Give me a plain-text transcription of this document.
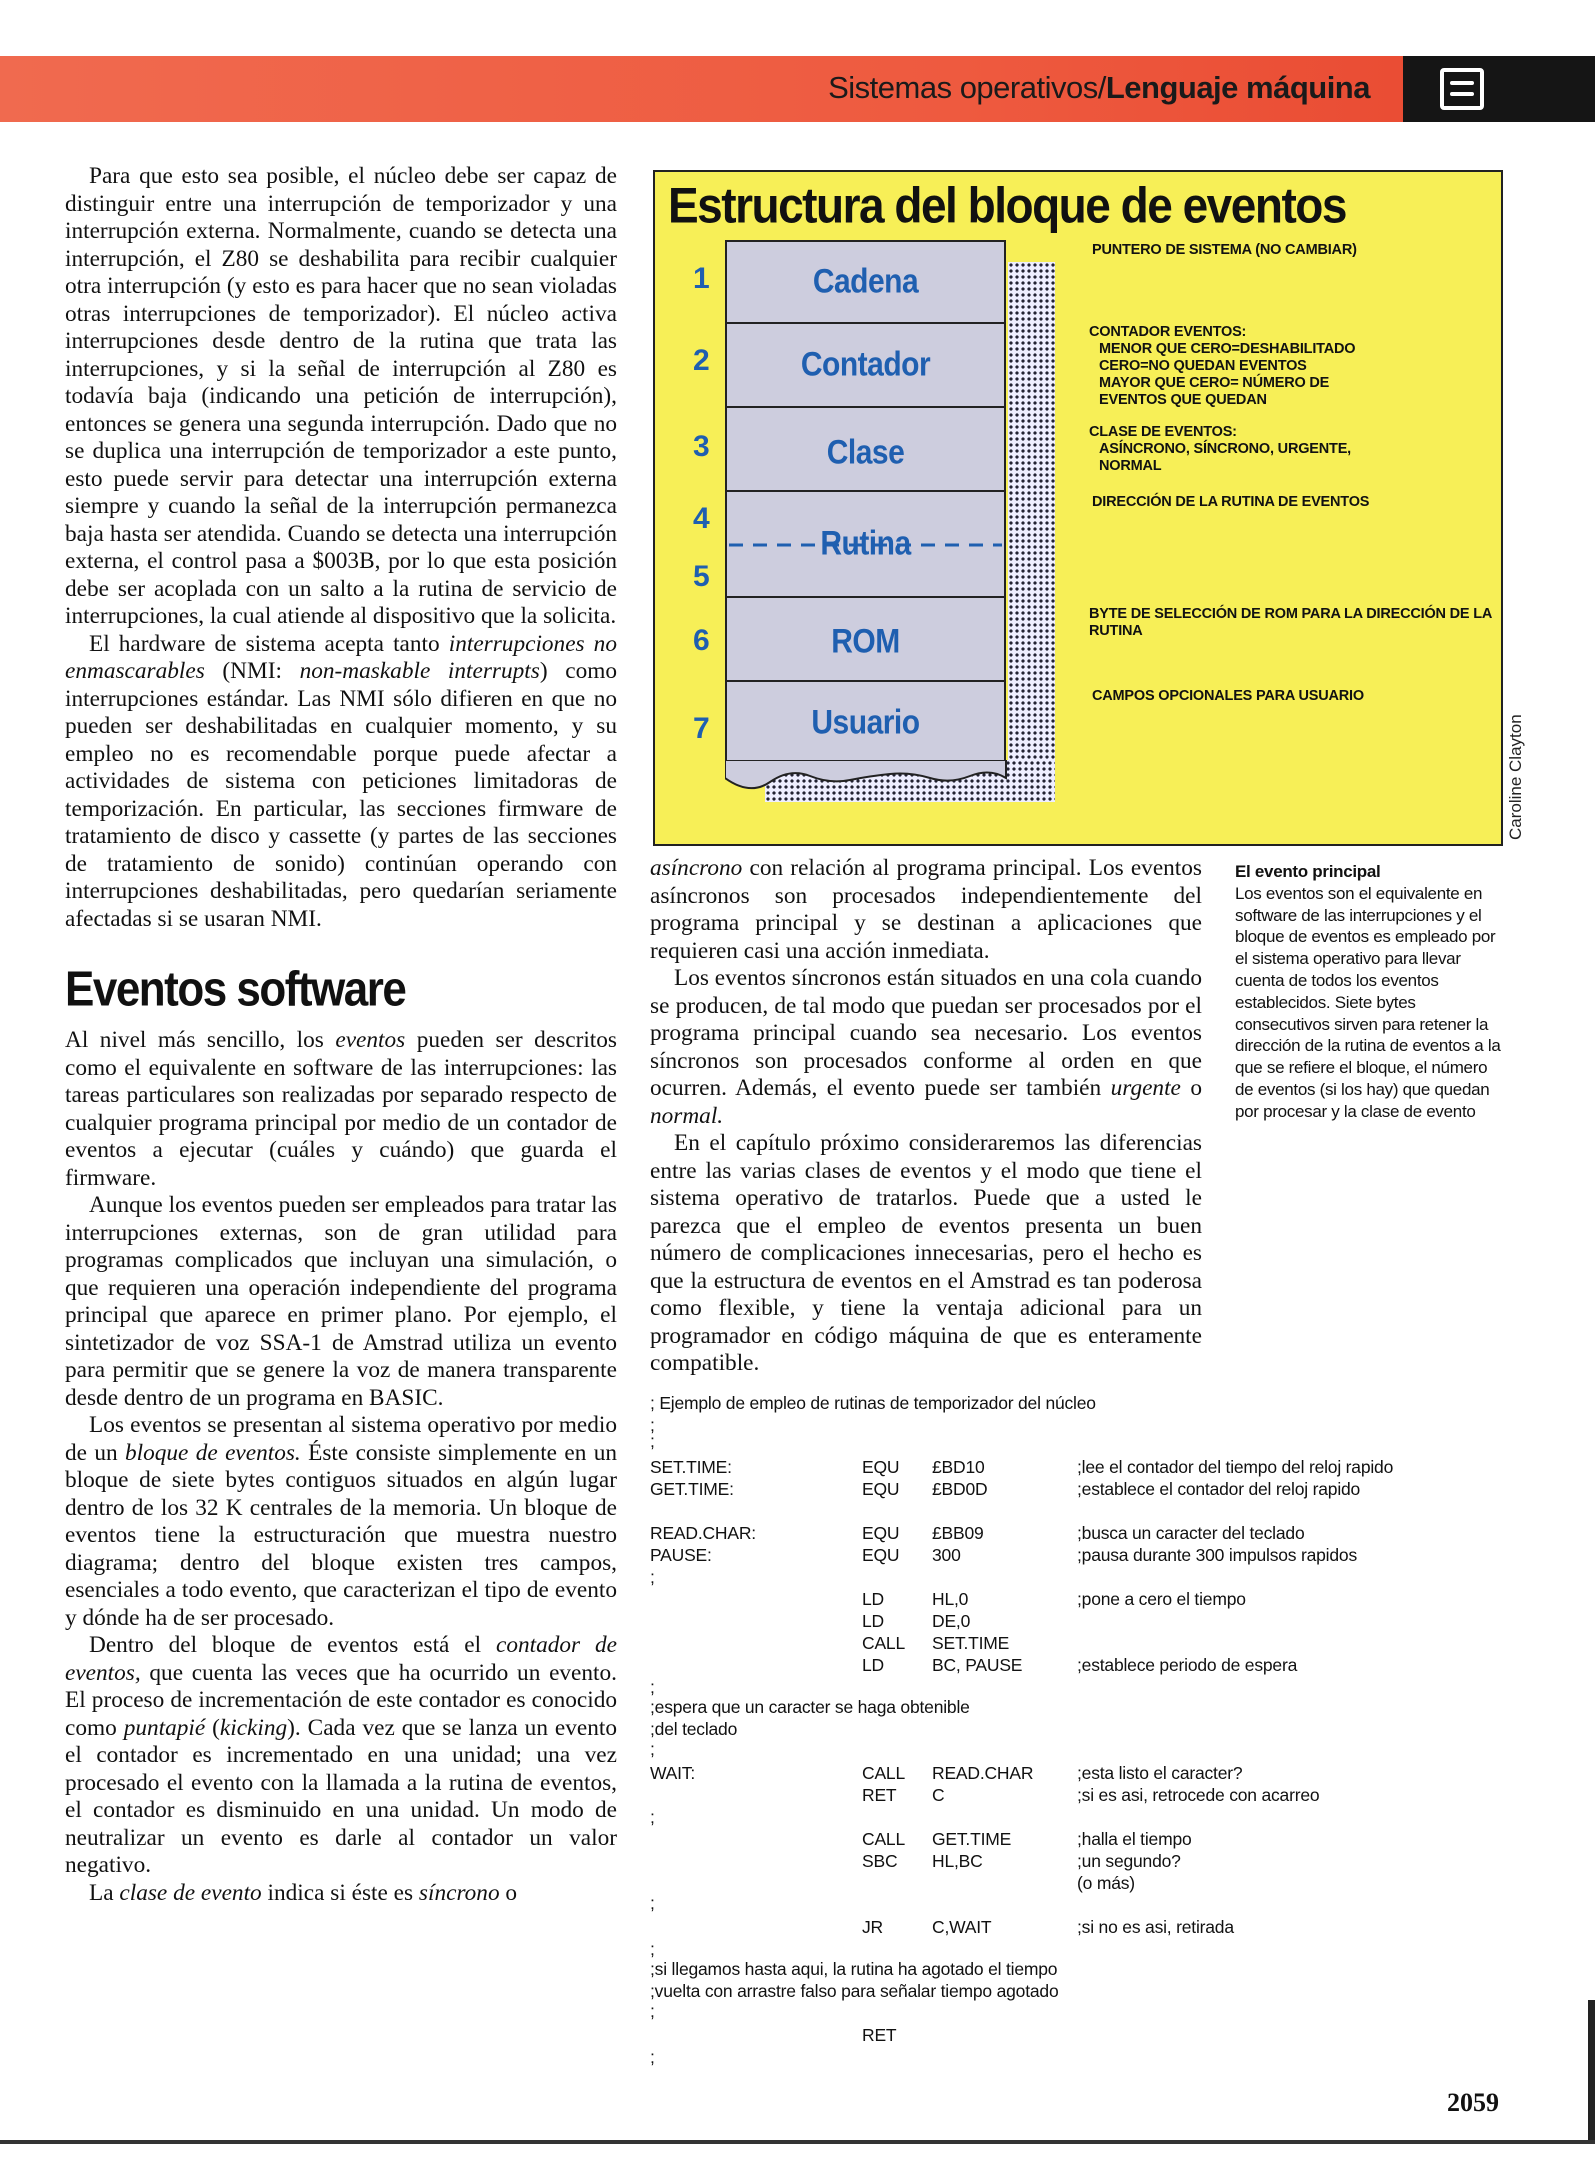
Sistemas operativos/Lenguaje máquina

Para que esto sea posible, el núcleo debe ser capaz de distinguir entre una interrupción de temporizador y una interrupción externa. Normalmente, cuando se detecta una interrupción, el Z80 se deshabilita para recibir cualquier otra interrupción (y esto es para hacer que no sean violadas otras interrupciones de temporizador). El núcleo activa interrupciones desde dentro de la rutina que trata las interrupciones, y si la señal de interrupción al Z80 es todavía baja (indicando una petición de interrupción), entonces se genera una segunda interrupción. Dado que no se duplica una interrupción de temporizador a este punto, esto puede servir para detectar una interrupción externa siempre y cuando la señal de la interrupción permanezca baja hasta ser atendida. Cuando se detecta una interrupción externa, el control pasa a $003B, por lo que esta posición debe ser acoplada con un salto a la rutina de servicio de interrupciones, la cual atiende al dispositivo que la solicita.

El hardware de sistema acepta tanto interrupciones no enmascarables (NMI: non-maskable interrupts) como interrupciones estándar. Las NMI sólo difieren en que no pueden ser deshabilitadas en cualquier momento, y su empleo no es recomendable porque puede afectar a actividades de sistema con peticiones limitadoras de temporización. En particular, las secciones firmware de tratamiento de disco y cassette (y partes de las secciones de tratamiento de sonido) continúan operando con interrupciones deshabilitadas, pero quedarían seriamente afectadas si se usaran NMI.

Eventos software

Al nivel más sencillo, los eventos pueden ser descritos como el equivalente en software de las interrupciones: las tareas particulares son realizadas por separado respecto de cualquier programa principal por medio de un contador de eventos a ejecutar (cuáles y cuándo) que guarda el firmware.

Aunque los eventos pueden ser empleados para tratar las interrupciones externas, son de gran utilidad para programas complicados que incluyan una simulación, o que requieren una operación independiente del programa principal que aparece en primer plano. Por ejemplo, el sintetizador de voz SSA-1 de Amstrad utiliza un evento para permitir que se genere la voz de manera transparente desde dentro de un programa en BASIC.

Los eventos se presentan al sistema operativo por medio de un bloque de eventos. Éste consiste simplemente en un bloque de siete bytes contiguos situados en algún lugar dentro de los 32 K centrales de la memoria. Un bloque de eventos tiene la estructuración que muestra nuestro diagrama; dentro del bloque existen tres campos, esenciales a todo evento, que caracterizan el tipo de evento y dónde ha de ser procesado.

Dentro del bloque de eventos está el contador de eventos, que cuenta las veces que ha ocurrido un evento. El proceso de incrementación de este contador es conocido como puntapié (kicking). Cada vez que se lanza un evento el contador es incrementado en una unidad; una vez procesado el evento con la llamada a la rutina de eventos, el contador es disminuido en una unidad. Un modo de neutralizar un evento es darle al contador un valor negativo.

La clase de evento indica si éste es síncrono o

Estructura del bloque de eventos
Cadena
Contador
Clase
Rutina
ROM
Usuario
1
2
3
4
5
6
7
PUNTERO DE SISTEMA (NO CAMBIAR)
CONTADOR EVENTOS: MENOR QUE CERO=DESHABILITADO
CERO=NO QUEDAN EVENTOS
MAYOR QUE CERO= NÚMERO DE
EVENTOS QUE QUEDAN
CLASE DE EVENTOS: ASÍNCRONO, SÍNCRONO, URGENTE,
NORMAL
DIRECCIÓN DE LA RUTINA DE EVENTOS
BYTE DE SELECCIÓN DE ROM PARA LA DIRECCIÓN DE LA
RUTINA
CAMPOS OPCIONALES PARA USUARIO
Caroline Clayton

asíncrono con relación al programa principal. Los eventos asíncronos son procesados independientemente del programa principal y se destinan a aplicaciones que requieren casi una acción inmediata.

Los eventos síncronos están situados en una cola cuando se producen, de tal modo que puedan ser procesados por el programa principal cuando sea necesario. Los eventos síncronos son procesados conforme al orden en que ocurren. Además, el evento puede ser también urgente o normal.

En el capítulo próximo consideraremos las diferencias entre las varias clases de eventos y el modo que tiene el sistema operativo de tratarlos. Puede que a usted le parezca que el empleo de eventos presenta un buen número de complicaciones innecesarias, pero el hecho es que la estructura de eventos en el Amstrad es tan poderosa como flexible, y tiene la ventaja adicional para un programador en código máquina de que es enteramente compatible.

El evento principal
Los eventos son el equivalente en software de las interrupciones y el bloque de eventos es empleado por el sistema operativo para llevar cuenta de todos los eventos establecidos. Siete bytes consecutivos sirven para retener la dirección de la rutina de eventos a la que se refiere el bloque, el número de eventos (si los hay) que quedan por procesar y la clase de evento
; Ejemplo de empleo de rutinas de temporizador del núcleo
;
;
SET.TIME:	EQU £BD10	;lee el contador del tiempo del reloj rapido
GET.TIME:	EQU £BD0D	;establece el contador del reloj rapido
READ.CHAR:	EQU £BB09	;busca un caracter del teclado
PAUSE:	EQU 300	;pausa durante 300 impulsos rapidos
;
LD	HL,0	;pone a cero el tiempo
LD	DE,0
CALL SET.TIME
LD	BC, PAUSE	;establece periodo de espera
;
;espera que un caracter se haga obtenible
;del teclado
;
WAIT:	CALL READ.CHAR ;esta listo el caracter?
RET C	;si es asi, retrocede con acarreo
;
CALL GET.TIME	;halla el tiempo
SBC HL,BC	;un segundo?
(o más)
;
JR	C,WAIT	;si no es asi, retirada
;
;si llegamos hasta aqui, la rutina ha agotado el tiempo
;vuelta con arrastre falso para señalar tiempo agotado
;
RET
;
2059
